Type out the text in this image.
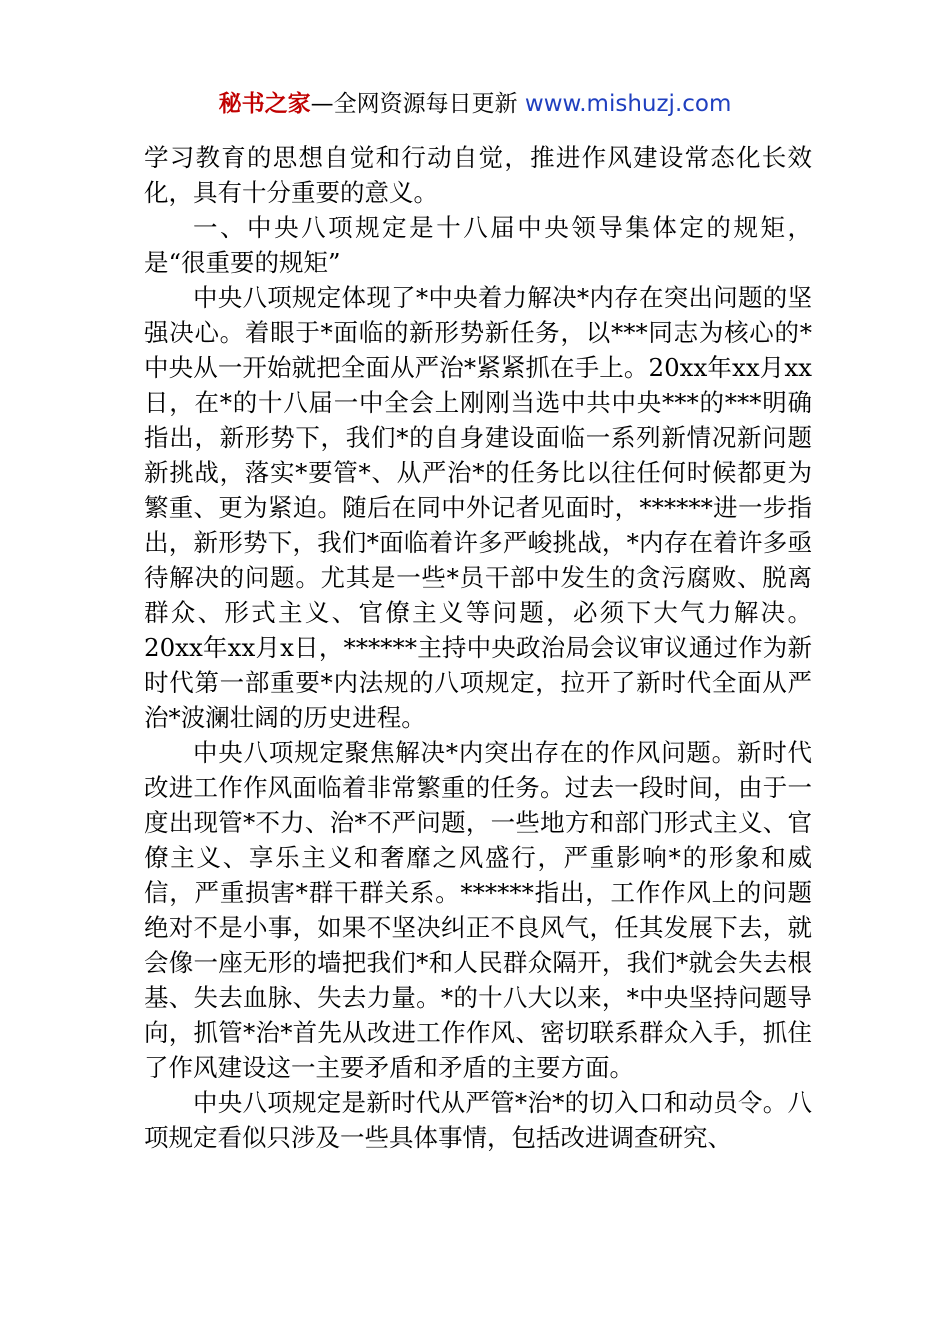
秘书之家—全网资源每日更新 www.mishuzj.com

学习教育的思想自觉和行动自觉，推进作风建设常态化长效化，具有十分重要的意义。

一、中央八项规定是十八届中央领导集体定的规矩，是“很重要的规矩”

中央八项规定体现了*中央着力解决*内存在突出问题的坚强决心。着眼于*面临的新形势新任务，以***同志为核心的*中央从一开始就把全面从严治*紧紧抓在手上。20xx年xx月xx日，在*的十八届一中全会上刚刚当选中共中央***的***明确指出，新形势下，我们*的自身建设面临一系列新情况新问题新挑战，落实*要管*、从严治*的任务比以往任何时候都更为繁重、更为紧迫。随后在同中外记者见面时，******进一步指出，新形势下，我们*面临着许多严峻挑战，*内存在着许多亟待解决的问题。尤其是一些*员干部中发生的贪污腐败、脱离群众、形式主义、官僚主义等问题，必须下大气力解决。20xx年xx月x日，******主持中央政治局会议审议通过作为新时代第一部重要*内法规的八项规定，拉开了新时代全面从严治*波澜壮阔的历史进程。

中央八项规定聚焦解决*内突出存在的作风问题。新时代改进工作作风面临着非常繁重的任务。过去一段时间，由于一度出现管*不力、治*不严问题，一些地方和部门形式主义、官僚主义、享乐主义和奢靡之风盛行，严重影响*的形象和威信，严重损害*群干群关系。******指出，工作作风上的问题绝对不是小事，如果不坚决纠正不良风气，任其发展下去，就会像一座无形的墙把我们*和人民群众隔开，我们*就会失去根基、失去血脉、失去力量。*的十八大以来，*中央坚持问题导向，抓管*治*首先从改进工作作风、密切联系群众入手，抓住了作风建设这一主要矛盾和矛盾的主要方面。

中央八项规定是新时代从严管*治*的切入口和动员令。八项规定看似只涉及一些具体事情，包括改进调查研究、
